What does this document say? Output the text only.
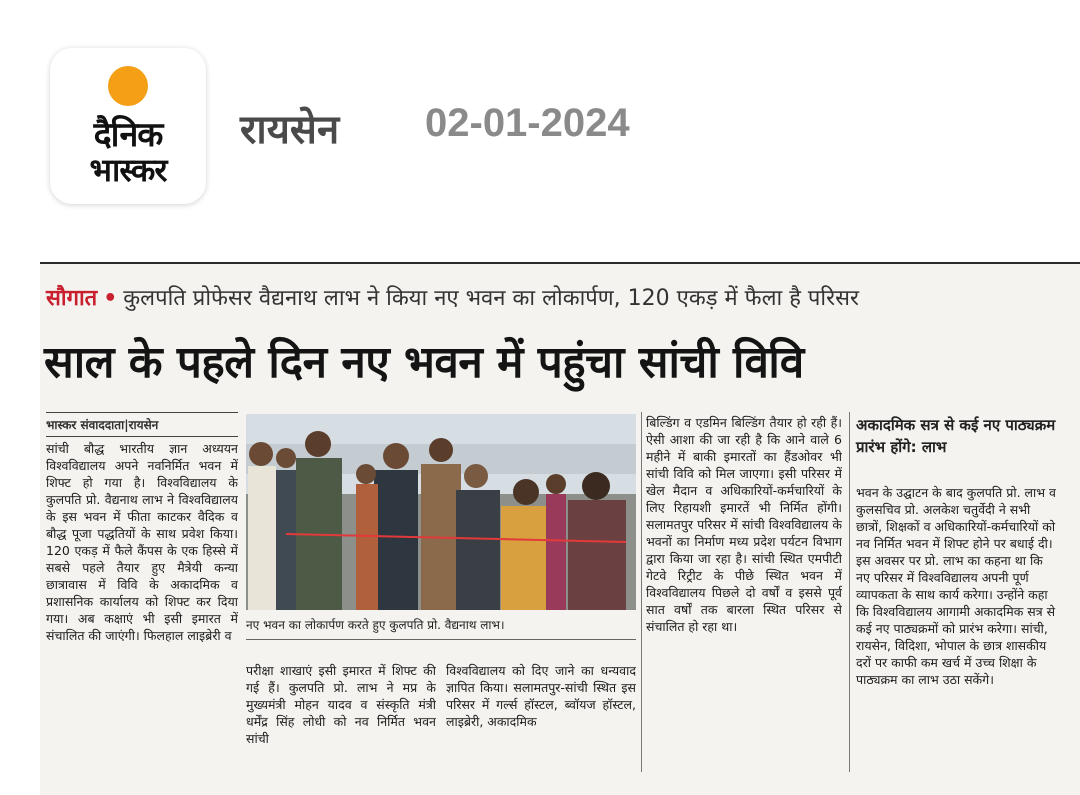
दैनिक
भास्कर
रायसेन 02-01-2024
सौगात • कुलपति प्रोफेसर वैद्यनाथ लाभ ने किया नए भवन का लोकार्पण, 120 एकड़ में फैला है परिसर
साल के पहले दिन नए भवन में पहुंचा सांची विवि
भास्कर संवाददाता|रायसेन
सांची बौद्ध भारतीय ज्ञान अध्ययन विश्वविद्यालय अपने नवनिर्मित भवन में शिफ्ट हो गया है। विश्वविद्यालय के कुलपति प्रो. वैद्यनाथ लाभ ने विश्वविद्यालय के इस भवन में फीता काटकर वैदिक व बौद्ध पूजा पद्धतियों के साथ प्रवेश किया। 120 एकड़ में फैले कैंपस के एक हिस्से में सबसे पहले तैयार हुए मैत्रेयी कन्या छात्रावास में विवि के अकादमिक व प्रशासनिक कार्यालय को शिफ्ट कर दिया गया। अब कक्षाएं भी इसी इमारत में संचालित की जाएंगी। फिलहाल लाइब्रेरी व
नए भवन का लोकार्पण करते हुए कुलपति प्रो. वैद्यनाथ लाभ।
परीक्षा शाखाएं इसी इमारत में शिफ्ट की गई हैं। कुलपति प्रो. लाभ ने मप्र के मुख्यमंत्री मोहन यादव व संस्कृति मंत्री धर्मेंद्र सिंह लोधी को नव निर्मित भवन सांची
विश्वविद्यालय को दिए जाने का धन्यवाद ज्ञापित किया। सलामतपुर-सांची स्थित इस परिसर में गर्ल्स हॉस्टल, ब्वॉयज हॉस्टल, लाइब्रेरी, अकादमिक
बिल्डिंग व एडमिन बिल्डिंग तैयार हो रही हैं। ऐसी आशा की जा रही है कि आने वाले 6 महीने में बाकी इमारतों का हैंडओवर भी सांची विवि को मिल जाएगा। इसी परिसर में खेल मैदान व अधिकारियों-कर्मचारियों के लिए रिहायशी इमारतें भी निर्मित होंगी। सलामतपुर परिसर में सांची विश्वविद्यालय के भवनों का निर्माण मध्य प्रदेश पर्यटन विभाग द्वारा किया जा रहा है। सांची स्थित एमपीटी गेटवे रिट्रीट के पीछे स्थित भवन में विश्वविद्यालय पिछले दो वर्षों व इससे पूर्व सात वर्षों तक बारला स्थित परिसर से संचालित हो रहा था।
अकादमिक सत्र से कई नए पाठ्यक्रम प्रारंभ होंगे: लाभ
भवन के उद्घाटन के बाद कुलपति प्रो. लाभ व कुलसचिव प्रो. अलकेश चतुर्वेदी ने सभी छात्रों, शिक्षकों व अधिकारियों-कर्मचारियों को नव निर्मित भवन में शिफ्ट होने पर बधाई दी। इस अवसर पर प्रो. लाभ का कहना था कि नए परिसर में विश्वविद्यालय अपनी पूर्ण व्यापकता के साथ कार्य करेगा। उन्होंने कहा कि विश्वविद्यालय आगामी अकादमिक सत्र से कई नए पाठ्यक्रमों को प्रारंभ करेगा। सांची, रायसेन, विदिशा, भोपाल के छात्र शासकीय दरों पर काफी कम खर्च में उच्च शिक्षा के पाठ्यक्रम का लाभ उठा सकेंगे।
